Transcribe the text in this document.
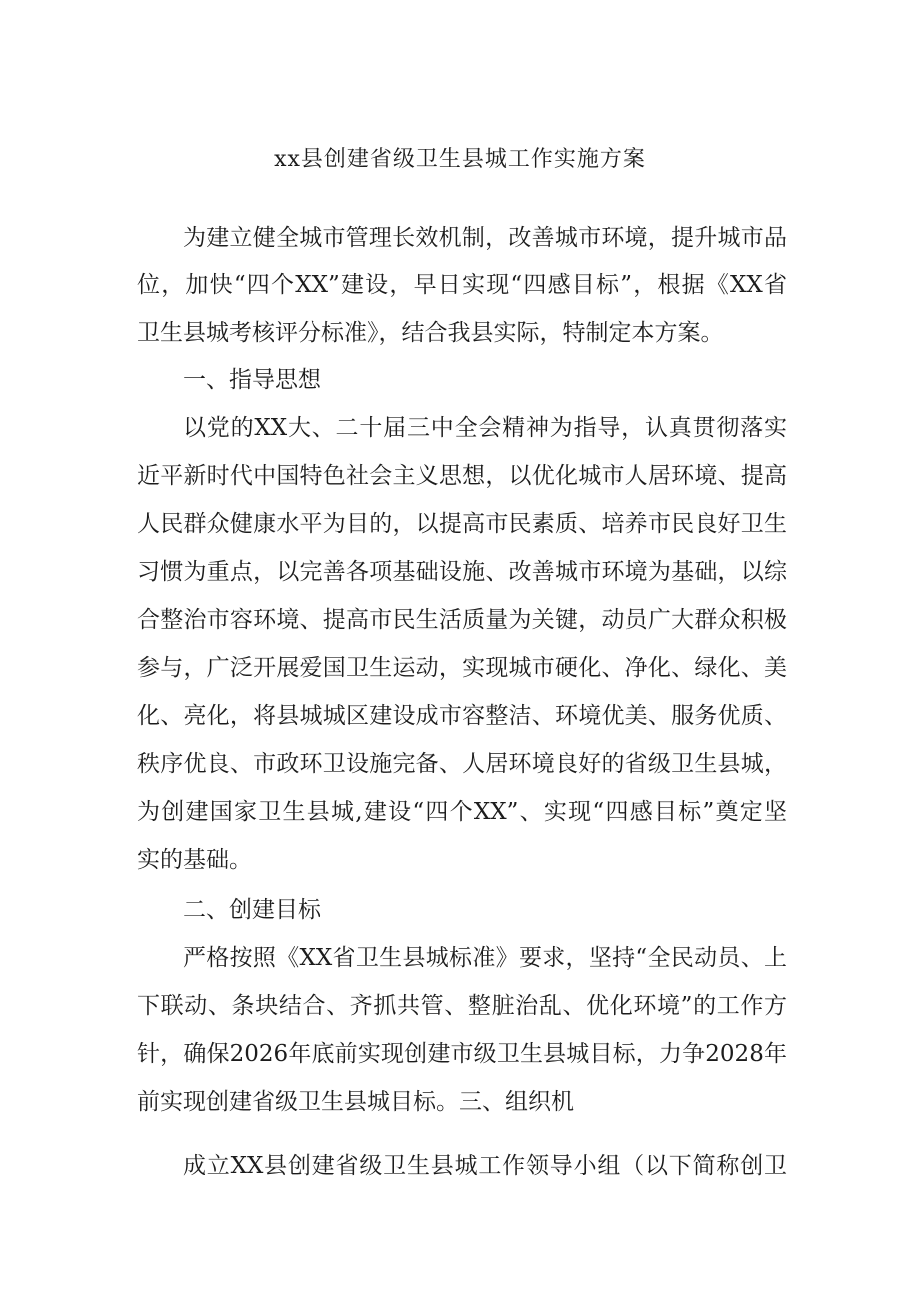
xx县创建省级卫生县城工作实施方案
为建立健全城市管理长效机制，改善城市环境，提升城市品
位，加快“四个XX”建设，早日实现“四感目标”，根据《XX省
卫生县城考核评分标准》，结合我县实际，特制定本方案。
一、指导思想
以党的XX大、二十届三中全会精神为指导，认真贯彻落实
近平新时代中国特色社会主义思想，以优化城市人居环境、提高
人民群众健康水平为目的，以提高市民素质、培养市民良好卫生
习惯为重点，以完善各项基础设施、改善城市环境为基础，以综
合整治市容环境、提高市民生活质量为关键，动员广大群众积极
参与，广泛开展爱国卫生运动，实现城市硬化、净化、绿化、美
化、亮化，将县城城区建设成市容整洁、环境优美、服务优质、
秩序优良、市政环卫设施完备、人居环境良好的省级卫生县城，
为创建国家卫生县城,建设“四个XX”、实现“四感目标”奠定坚
实的基础。
二、创建目标
严格按照《XX省卫生县城标准》要求，坚持“全民动员、上
下联动、条块结合、齐抓共管、整脏治乱、优化环境”的工作方
针，确保2026年底前实现创建市级卫生县城目标，力争2028年
前实现创建省级卫生县城目标。三、组织机
成立XX县创建省级卫生县城工作领导小组（以下简称创卫
